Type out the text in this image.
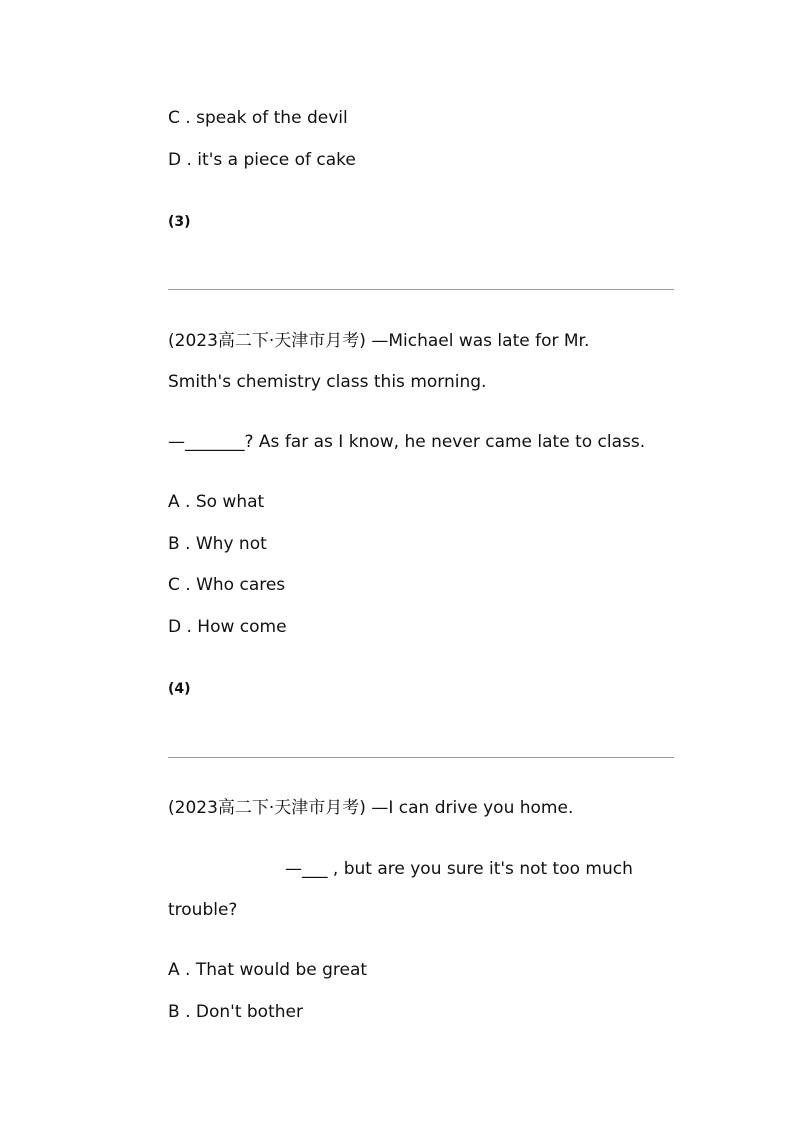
C . speak of the devil

D . it's a piece of cake

(3)

(2023高二下·天津市月考) —Michael was late for Mr.

Smith's chemistry class this morning.

—_______? As far as I know, he never came late to class.

A . So what

B . Why not

C . Who cares

D . How come

(4)

(2023高二下·天津市月考) —I can drive you home.

—___ , but are you sure it's not too much

trouble?

A . That would be great

B . Don't bother
